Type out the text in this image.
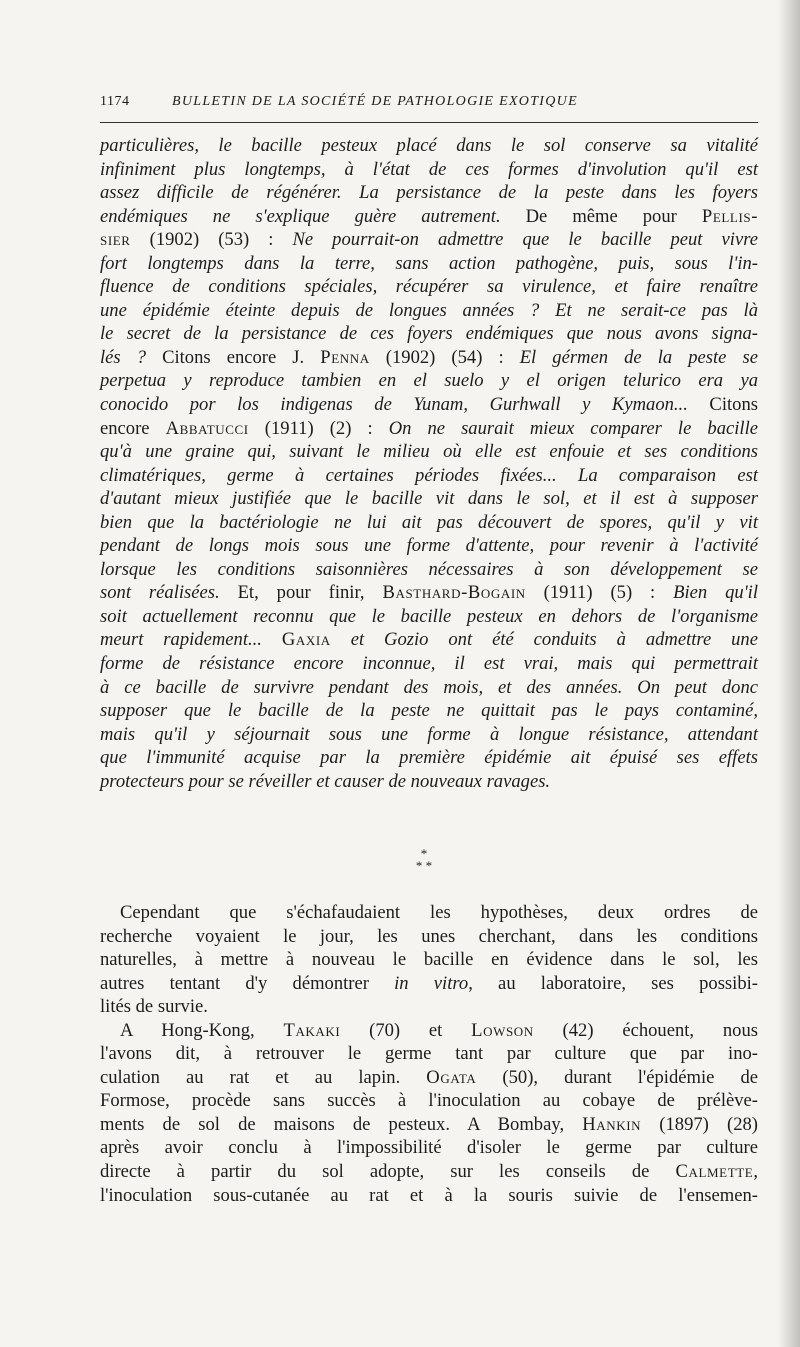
1174	BULLETIN DE LA SOCIÉTÉ DE PATHOLOGIE EXOTIQUE
particulières, le bacille pesteux placé dans le sol conserve sa vitalité
infiniment plus longtemps, à l'état de ces formes d'involution qu'il est
assez difficile de régénérer. La persistance de la peste dans les foyers
endémiques ne s'explique guère autrement. De même pour Pellis-
sier (1902) (53) : Ne pourrait-on admettre que le bacille peut vivre
fort longtemps dans la terre, sans action pathogène, puis, sous l'in-
fluence de conditions spéciales, récupérer sa virulence, et faire renaître
une épidémie éteinte depuis de longues années ? Et ne serait-ce pas là
le secret de la persistance de ces foyers endémiques que nous avons signa-
lés ? Citons encore J. Penna (1902) (54) : El gérmen de la peste se
perpetua y reproduce tambien en el suelo y el origen telurico era ya
conocido por los indigenas de Yunam, Gurhwall y Kymaon... Citons
encore Abbatucci (1911) (2) : On ne saurait mieux comparer le bacille
qu'à une graine qui, suivant le milieu où elle est enfouie et ses conditions
climatériques, germe à certaines périodes fixées... La comparaison est
d'autant mieux justifiée que le bacille vit dans le sol, et il est à supposer
bien que la bactériologie ne lui ait pas découvert de spores, qu'il y vit
pendant de longs mois sous une forme d'attente, pour revenir à l'activité
lorsque les conditions saisonnières nécessaires à son développement se
sont réalisées. Et, pour finir, Basthard-Bogain (1911) (5) : Bien qu'il
soit actuellement reconnu que le bacille pesteux en dehors de l'organisme
meurt rapidement... Gaxia et Gozio ont été conduits à admettre une
forme de résistance encore inconnue, il est vrai, mais qui permettrait
à ce bacille de survivre pendant des mois, et des années. On peut donc
supposer que le bacille de la peste ne quittait pas le pays contaminé,
mais qu'il y séjournait sous une forme à longue résistance, attendant
que l'immunité acquise par la première épidémie ait épuisé ses effets
protecteurs pour se réveiller et causer de nouveaux ravages.
*
* *
Cependant que s'échafaudaient les hypothèses, deux ordres de
recherche voyaient le jour, les unes cherchant, dans les conditions
naturelles, à mettre à nouveau le bacille en évidence dans le sol, les
autres tentant d'y démontrer in vitro, au laboratoire, ses possibi-
lités de survie.
A Hong-Kong, Takaki (70) et Lowson (42) échouent, nous
l'avons dit, à retrouver le germe tant par culture que par ino-
culation au rat et au lapin. Ogata (50), durant l'épidémie de
Formose, procède sans succès à l'inoculation au cobaye de prélève-
ments de sol de maisons de pesteux. A Bombay, Hankin (1897) (28)
après avoir conclu à l'impossibilité d'isoler le germe par culture
directe à partir du sol adopte, sur les conseils de Calmette,
l'inoculation sous-cutanée au rat et à la souris suivie de l'ensemen-
